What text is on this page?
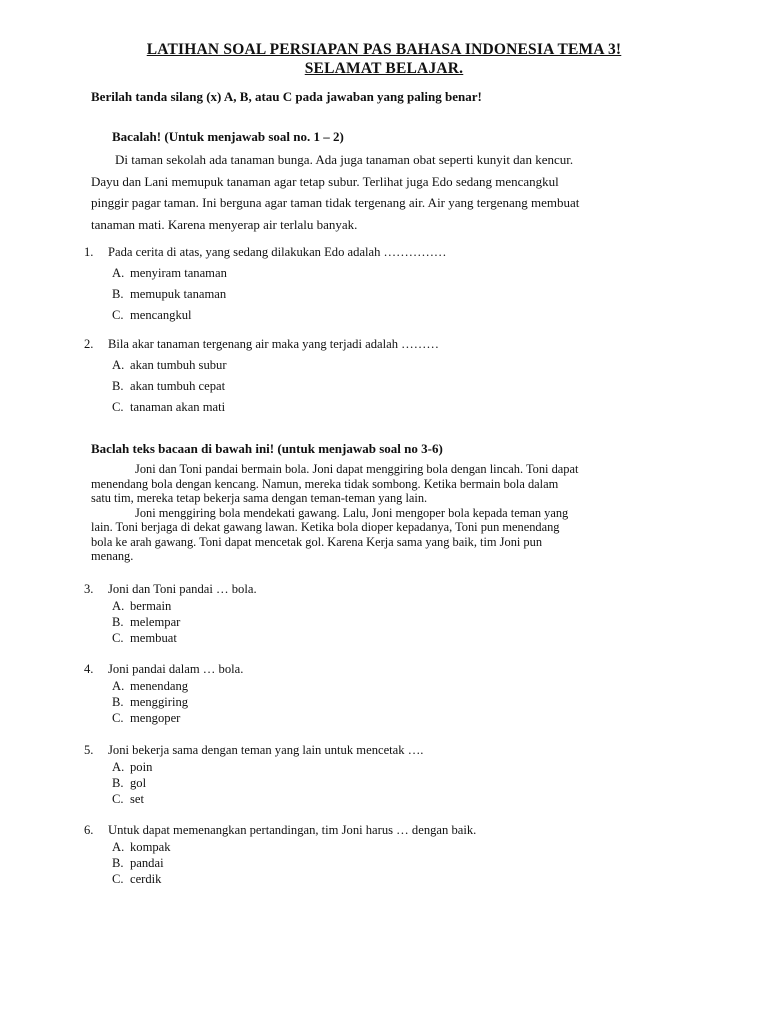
LATIHAN SOAL PERSIAPAN PAS BAHASA INDONESIA TEMA 3!
SELAMAT BELAJAR.

Berilah tanda silang (x) A, B, atau C pada jawaban yang paling benar!

Bacalah! (Untuk menjawab soal no. 1 – 2)

Di taman sekolah ada tanaman bunga. Ada juga tanaman obat seperti kunyit dan kencur.
Dayu dan Lani memupuk tanaman agar tetap subur. Terlihat juga Edo sedang mencangkul
pinggir pagar taman. Ini berguna agar taman tidak tergenang air. Air yang tergenang membuat
tanaman mati. Karena menyerap air terlalu banyak.

1. Pada cerita di atas, yang sedang dilakukan Edo adalah ……………
A. menyiram tanaman
B. memupuk tanaman
C. mencangkul
2. Bila akar tanaman tergenang air maka yang terjadi adalah ………
A. akan tumbuh subur
B. akan tumbuh cepat
C. tanaman akan mati

Baclah teks bacaan di bawah ini! (untuk menjawab soal no 3-6)

Joni dan Toni pandai bermain bola. Joni dapat menggiring bola dengan lincah. Toni dapat
menendang bola dengan kencang. Namun, mereka tidak sombong. Ketika bermain bola dalam
satu tim, mereka tetap bekerja sama dengan teman-teman yang lain.

Joni menggiring bola mendekati gawang. Lalu, Joni mengoper bola kepada teman yang
lain. Toni berjaga di dekat gawang lawan. Ketika bola dioper kepadanya, Toni pun menendang
bola ke arah gawang. Toni dapat mencetak gol. Karena Kerja sama yang baik, tim Joni pun
menang.

3. Joni dan Toni pandai … bola.
A. bermain
B. melempar
C. membuat
4. Joni pandai dalam … bola.
A. menendang
B. menggiring
C. mengoper
5. Joni bekerja sama dengan teman yang lain untuk mencetak ….
A. poin
B. gol
C. set
6. Untuk dapat memenangkan pertandingan, tim Joni harus … dengan baik.
A. kompak
B. pandai
C. cerdik
